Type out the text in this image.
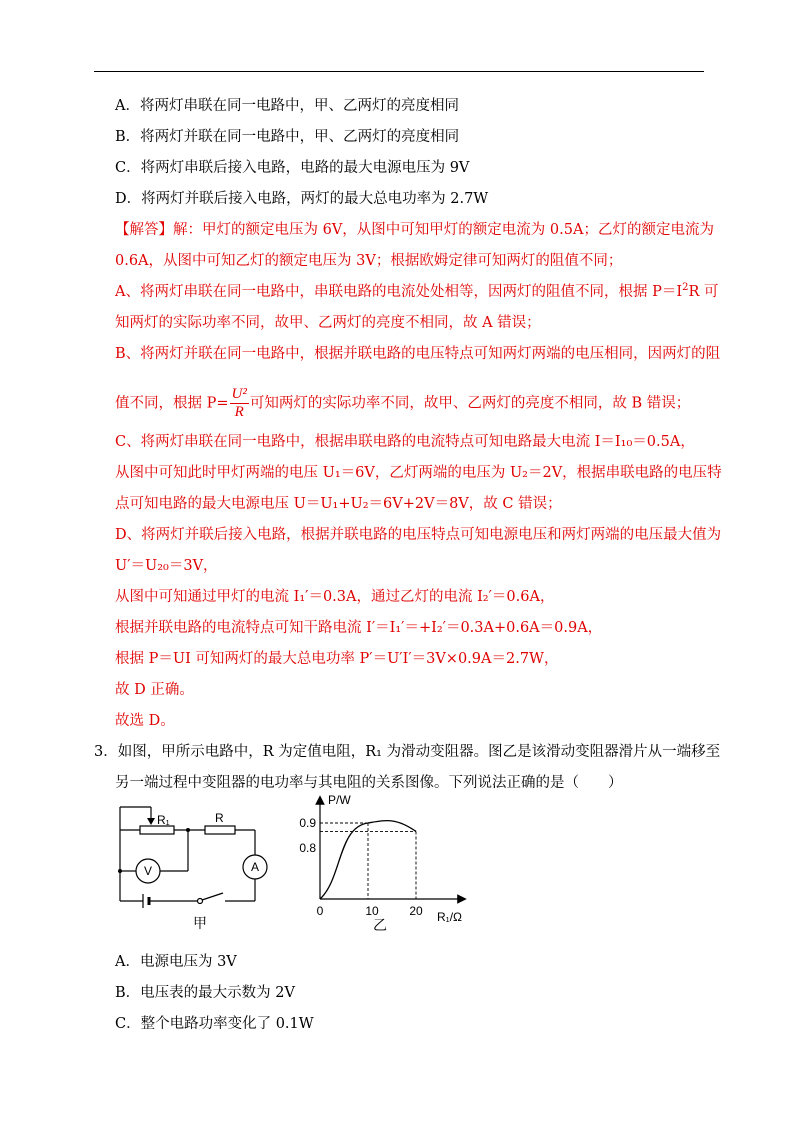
A．将两灯串联在同一电路中，甲、乙两灯的亮度相同
B．将两灯并联在同一电路中，甲、乙两灯的亮度相同
C．将两灯串联后接入电路，电路的最大电源电压为 9V
D．将两灯并联后接入电路，两灯的最大总电功率为 2.7W
【解答】解：甲灯的额定电压为 6V，从图中可知甲灯的额定电流为 0.5A；乙灯的额定电流为
0.6A，从图中可知乙灯的额定电压为 3V；根据欧姆定律可知两灯的阻值不同；
A、将两灯串联在同一电路中，串联电路的电流处处相等，因两灯的阻值不同，根据 $P=I^2R$ 可
知两灯的实际功率不同，故甲、乙两灯的亮度不相同，故 A 错误；
B、将两灯并联在同一电路中，根据并联电路的电压特点可知两灯两端的电压相同，因两灯的阻
值不同，根据 $P= \frac{\text{U²}}{R}$ 可知两灯的实际功率不同，故甲、乙两灯的亮度不相同，故 B 错误；
C、将两灯串联在同一电路中，根据串联电路的电流特点可知电路最大电流 I＝I₁₀＝0.5A，
从图中可知此时甲灯两端的电压 U₁＝6V，乙灯两端的电压为 U₂＝2V，根据串联电路的电压特
点可知电路的最大电源电压 U＝U₁+U₂＝6V+2V＝8V，故 C 错误；
D、将两灯并联后接入电路，根据并联电路的电压特点可知电源电压和两灯两端的电压最大值为
U′＝U₂₀＝3V，
从图中可知通过甲灯的电流 I₁′＝0.3A，通过乙灯的电流 I₂′＝0.6A，
根据并联电路的电流特点可知干路电流 I′＝I₁′＝+I₂′＝0.3A+0.6A＝0.9A，
根据 P＝UI 可知两灯的最大总电功率 P′＝U′I′＝3V×0.9A＝2.7W，
故 D 正确。
故选 D。
3．如图，甲所示电路中，R 为定值电阻，R₁ 为滑动变阻器。图乙是该滑动变阻器滑片从一端移至
另一端过程中变阻器的电功率与其电阻的关系图像。下列说法正确的是（　　）
R₁	R
V	A
甲
P/W
R₁/Ω
0	10	20
0.9
0.8
乙
A．电源电压为 3V
B．电压表的最大示数为 2V
C．整个电路功率变化了 0.1W
